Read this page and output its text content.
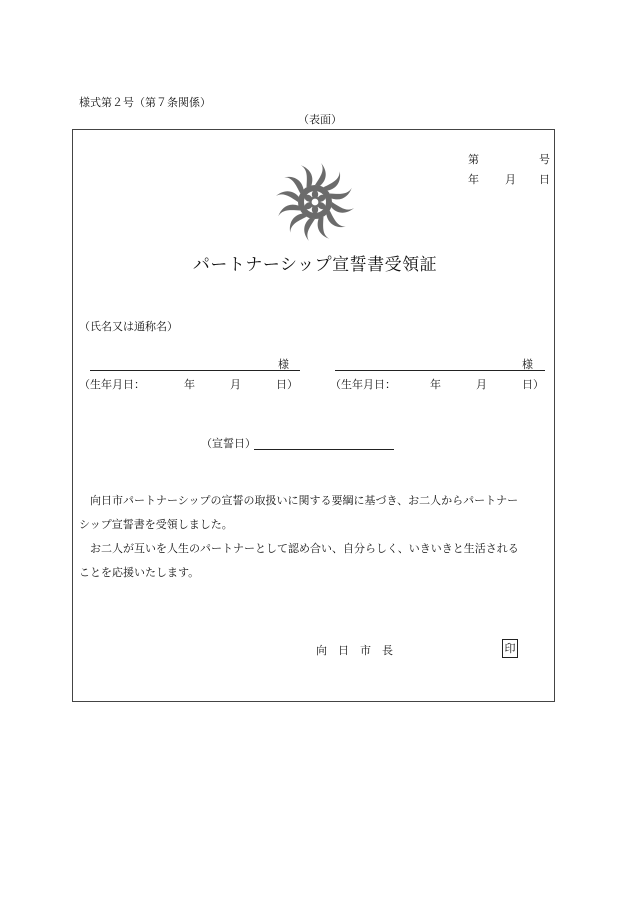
様式第２号（第７条関係）
（表面）
第	号
年 月 日
パートナーシップ宣誓書受領証
（氏名又は通称名）
様
（生年月日：	年	月	日）
様
（生年月日：	年	月	日）
（宣誓日）
　向日市パートナーシップの宣誓の取扱いに関する要綱に基づき、お二人からパートナー
シップ宣誓書を受領しました。
　お二人が互いを人生のパートナーとして認め合い、自分らしく、いきいきと生活される
ことを応援いたします。
向　日　市　長	印
